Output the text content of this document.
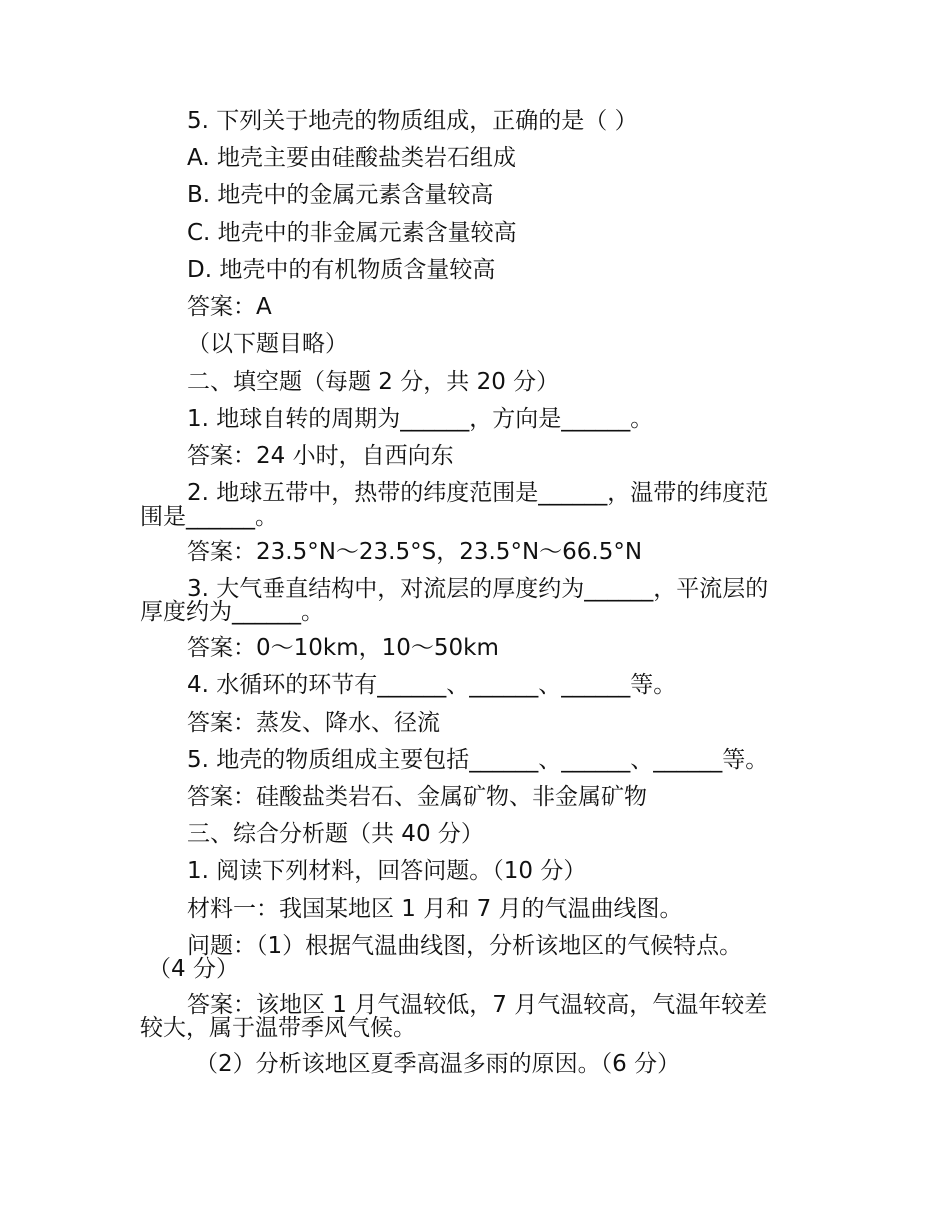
5. 下列关于地壳的物质组成，正确的是（ ）
A. 地壳主要由硅酸盐类岩石组成
B. 地壳中的金属元素含量较高
C. 地壳中的非金属元素含量较高
D. 地壳中的有机物质含量较高
答案：A
（以下题目略）
二、填空题（每题 2 分，共 20 分）
1. 地球自转的周期为______，方向是______。
答案：24 小时，自西向东
2. 地球五带中，热带的纬度范围是______，温带的纬度范
围是______。
答案：23.5°N～23.5°S，23.5°N～66.5°N
3. 大气垂直结构中，对流层的厚度约为______，平流层的
厚度约为______。
答案：0～10km，10～50km
4. 水循环的环节有______、______、______等。
答案：蒸发、降水、径流
5. 地壳的物质组成主要包括______、______、______等。
答案：硅酸盐类岩石、金属矿物、非金属矿物
三、综合分析题（共 40 分）
1. 阅读下列材料，回答问题。（10 分）
材料一：我国某地区 1 月和 7 月的气温曲线图。
问题：（1）根据气温曲线图，分析该地区的气候特点。
（4 分）
答案：该地区 1 月气温较低，7 月气温较高，气温年较差
较大，属于温带季风气候。
（2）分析该地区夏季高温多雨的原因。（6 分）
